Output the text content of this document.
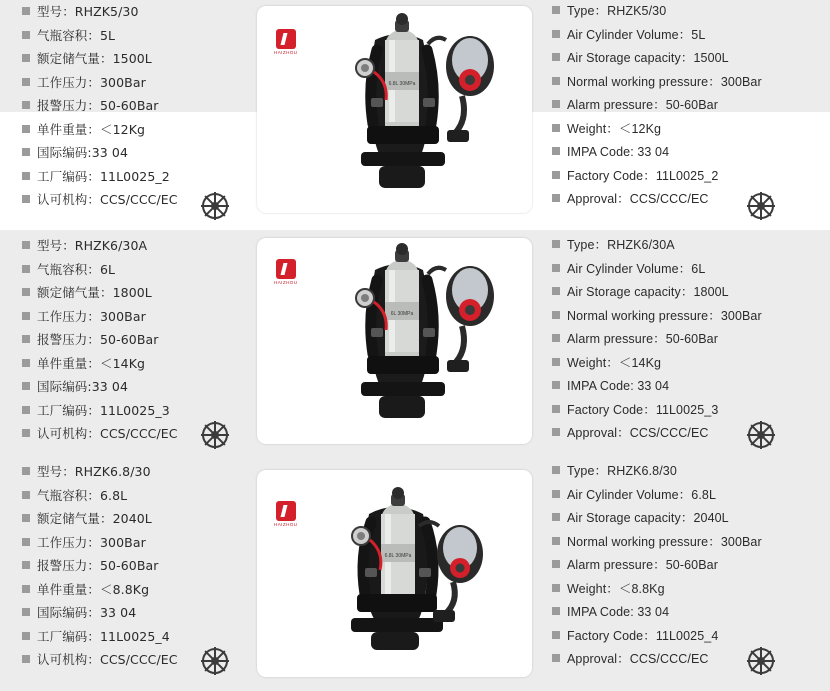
型号：RHZK5/30
气瓶容积：5L
额定储气量：1500L
工作压力：300Bar
报警压力：50-60Bar
单件重量：＜12Kg
国际编码:33 04
工厂编码：11L0025_2
认可机构：CCS/CCC/EC
Type：RHZK5/30
Air Cylinder Volume：5L
Air Storage capacity：1500L
Normal working pressure：300Bar
Alarm pressure：50-60Bar
Weight：＜12Kg
IMPA Code: 33 04
Factory Code：11L0025_2
Approval：CCS/CCC/EC
6.8L 30MPa
HAIZHOU
型号：RHZK6/30A
气瓶容积：6L
额定储气量：1800L
工作压力：300Bar
报警压力：50-60Bar
单件重量：＜14Kg
国际编码:33 04
工厂编码：11L0025_3
认可机构：CCS/CCC/EC
Type：RHZK6/30A
Air Cylinder Volume：6L
Air Storage capacity：1800L
Normal working pressure：300Bar
Alarm pressure：50-60Bar
Weight：＜14Kg
IMPA Code: 33 04
Factory Code：11L0025_3
Approval：CCS/CCC/EC
6L 30MPa
HAIZHOU
型号：RHZK6.8/30
气瓶容积：6.8L
额定储气量：2040L
工作压力：300Bar
报警压力：50-60Bar
单件重量：＜8.8Kg
国际编码：33 04
工厂编码：11L0025_4
认可机构：CCS/CCC/EC
Type：RHZK6.8/30
Air Cylinder Volume：6.8L
Air Storage capacity：2040L
Normal working pressure：300Bar
Alarm pressure：50-60Bar
Weight：＜8.8Kg
IMPA Code: 33 04
Factory Code：11L0025_4
Approval：CCS/CCC/EC
6.8L 30MPa
HAIZHOU
